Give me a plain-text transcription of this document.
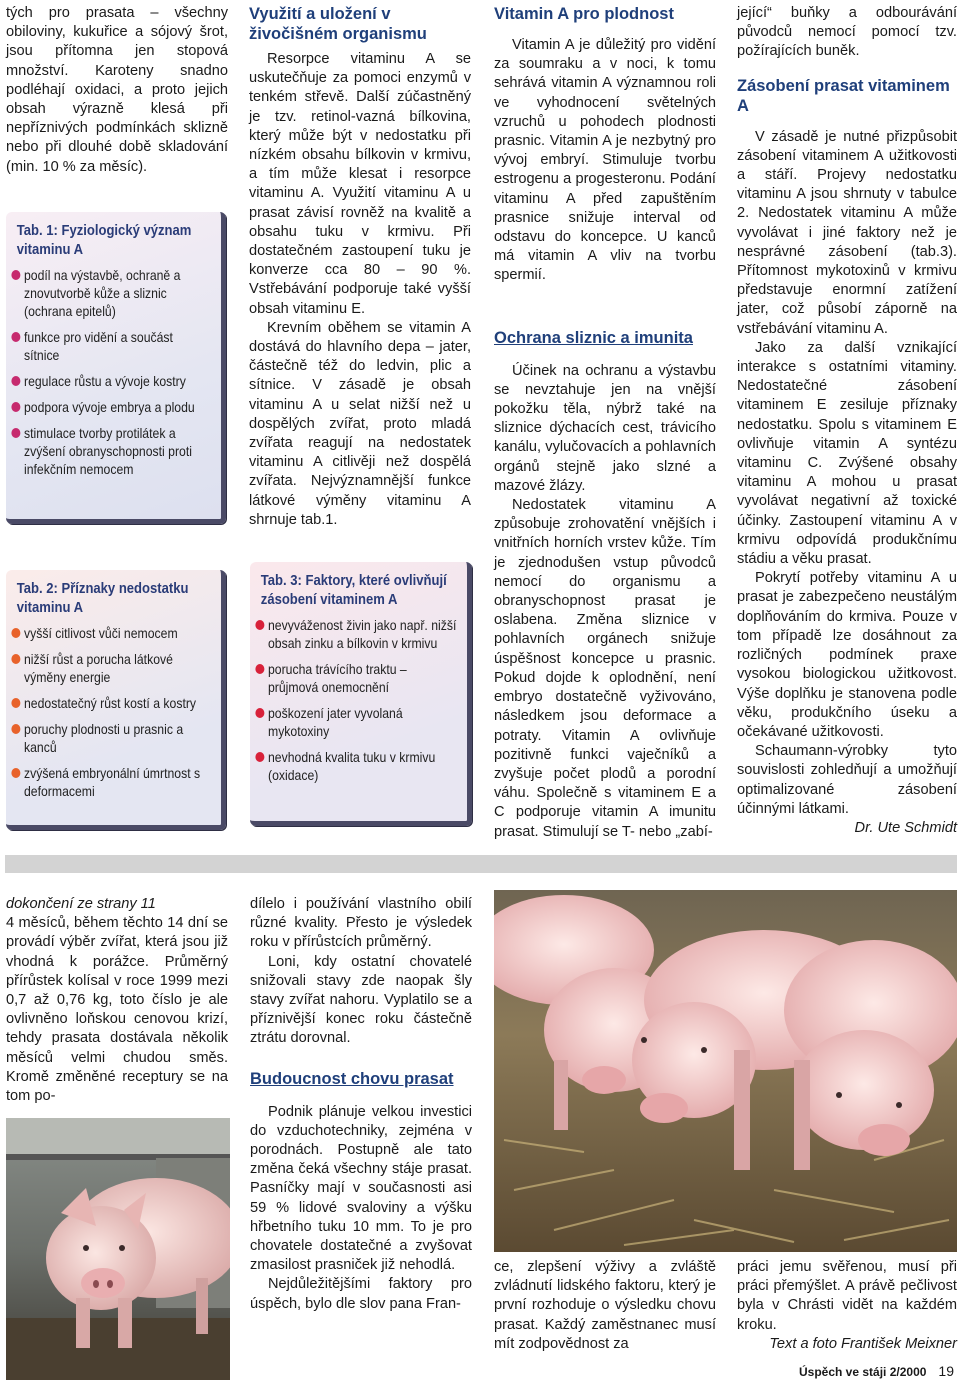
tých pro prasata – všechny obiloviny, kukuřice a sójový šrot, jsou přítomna jen stopová množství. Karoteny snadno podléhají oxidaci, a proto jejich obsah výrazně klesá při nepříznivých podmínkách sklizně nebo při dlouhé době skladování (min. 10 % za měsíc).

Tab. 1: Fyziologický význam vitaminu A
podíl na výstavbě, ochraně a znovutvorbě kůže a sliznic (ochrana epitelů)
funkce pro vidění a součást sítnice
regulace růstu a vývoje kostry
podpora vývoje embrya a plodu
stimulace tvorby protilátek a zvýšení obranyschopnosti proti infekčním nemocem
Tab. 2: Příznaky nedostatku vitaminu A
vyšší citlivost vůči nemocem
nižší růst a porucha látkové výměny energie
nedostatečný růst kostí a kostry
poruchy plodnosti u prasnic a kanců
zvýšená embryonální úmrtnost s deformacemi
Využití a uložení v živočišném organismu

Resorpce vitaminu A se uskutečňuje za pomoci enzymů v tenkém střevě. Další zúčastněný je tzv. retinol-vazná bílkovina, který může být v nedostatku při nízkém obsahu bílkovin v krmivu, a tím může klesat i resorpce vitaminu A. Využití vitaminu A u prasat závisí rovněž na kvalitě a obsahu tuku v krmivu. Při dostatečném zastoupení tuku je konverze cca 80 – 90 %. Vstřebávání podporuje také vyšší obsah vitaminu E.

Krevním oběhem se vitamin A dostává do hlavního depa – jater, částečně též do ledvin, plic a sítnice. V zásadě je obsah vitaminu A u selat nižší než u dospělých zvířat, proto mladá zvířata reagují na nedostatek vitaminu A citlivěji než dospělá zvířata. Nejvýznamnější funkce látkové výměny vitaminu A shrnuje tab.1.

Tab. 3: Faktory, které ovlivňují zásobení vitaminem A
nevyváženost živin jako např. nižší obsah zinku a bílkovin v krmivu
porucha trávícího traktu – průjmová onemocnění
poškození jater vyvolaná mykotoxiny
nevhodná kvalita tuku v krmivu (oxidace)
Vitamin A pro plodnost

Vitamin A je důležitý pro vidění za soumraku a v noci, k tomu sehrává vitamin A významnou roli ve vyhodnocení světelných vzruchů u pohodech plodnosti prasnic. Vitamin A je nezbytný pro vývoj embryí. Stimuluje tvorbu estrogenu a progesteronu. Podání vitaminu A před zapuštěním prasnice snižuje interval od odstavu do koncepce. U kanců má vitamin A vliv na tvorbu spermií.

Ochrana sliznic a imunita

Účinek na ochranu a výstavbu se nevztahuje jen na vnější pokožku těla, nýbrž také na sliznice dýchacích cest, trávicího kanálu, vylučovacích a pohlavních orgánů stejně jako slzné a mazové žlázy.

Nedostatek vitaminu A způsobuje zrohovatění vnějších i vnitřních horních vrstev kůže. Tím je zjednodušen vstup původců nemocí do organismu a obranyschopnost prasat je oslabena. Změna sliznice v pohlavních orgánech snižuje úspěšnost koncepce u prasnic. Pokud dojde k oplodnění, není embryo dostatečně vyživováno, následkem jsou deformace a potraty. Vitamin A ovlivňuje pozitivně funkci vaječníků a zvyšuje počet plodů a porodní váhu. Společně s vitaminem E a C podporuje vitamin A imunitu prasat. Stimulují se T- nebo „zabí-

jející“ buňky a odbourávání původců nemocí pomocí tzv. požírajících buněk.

Zásobení prasat vitaminem A

V zásadě je nutné přizpůsobit zásobení vitaminem A užitkovosti a stáří. Projevy nedostatku vitaminu A jsou shrnuty v tabulce 2. Nedostatek vitaminu A může vyvolávat i jiné faktory než je nesprávné zásobení (tab.3). Přítomnost mykotoxinů v krmivu představuje enormní zatížení jater, což působí záporně na vstřebávání vitaminu A.

Jako za další vznikající interakce s ostatními vitaminy. Nedostatečné zásobení vitaminem E zesiluje příznaky nedostatku. Spolu s vitaminem E ovlivňuje vitamin A syntézu vitaminu C. Zvýšené obsahy vitaminu A mohou u prasat vyvolávat negativní až toxické účinky. Zastoupení vitaminu A v krmivu odpovídá produkčnímu stádiu a věku prasat.

Pokrytí potřeby vitaminu A u prasat je zabezpečeno neustálým doplňováním do krmiva. Pouze v tom případě lze dosáhnout za rozličných podmínek praxe vysokou biologickou užitkovost. Výše doplňku je stanovena podle věku, produkčního úseku a očekávané užitkovosti.

Schaumann-výrobky tyto souvislosti zohledňují a umožňují optimalizované zásobení účinnými látkami.

Dr. Ute Schmidt

dokončení ze strany 11

4 měsíců, během těchto 14 dní se provádí výběr zvířat, která jsou již vhodná k porážce. Průměrný přírůstek kolísal v roce 1999 mezi 0,7 až 0,76 kg, toto číslo je ale ovlivněno loňskou cenovou krizí, tehdy prasata dostávala několik měsíců velmi chudou směs. Kromě změněné receptury se na tom po-

dílelo i používání vlastního obilí různé kvality. Přesto je výsledek roku v přírůstcích průměrný.

Loni, kdy ostatní chovatelé snižovali stavy zde naopak šly stavy zvířat nahoru. Vyplatilo se a příznivější konec roku částečně ztrátu dorovnal.

Budoucnost chovu prasat

Podnik plánuje velkou investici do vzduchotechniky, zejména v porodnách. Postupně ale tato změna čeká všechny stáje prasat. Pasníčky mají v současnosti asi 59 % lidové svaloviny a výšku hřbetního tuku 10 mm. To je pro chovatele dostatečné a zvyšovat zmasilost prasniček již nehodlá.

Nejdůležitějšími faktory pro úspěch, bylo dle slov pana Fran-

ce, zlepšení výživy a zvláště zvládnutí lidského faktoru, který je první rozhoduje o výsledku chovu prasat. Každý zaměstnanec musí mít zodpovědnost za

práci jemu svěřenou, musí při práci přemýšlet. A právě pečlivost byla v Chrásti vidět na každém kroku.

Text a foto František Meixner

Úspěch ve stáji 2/2000 19
